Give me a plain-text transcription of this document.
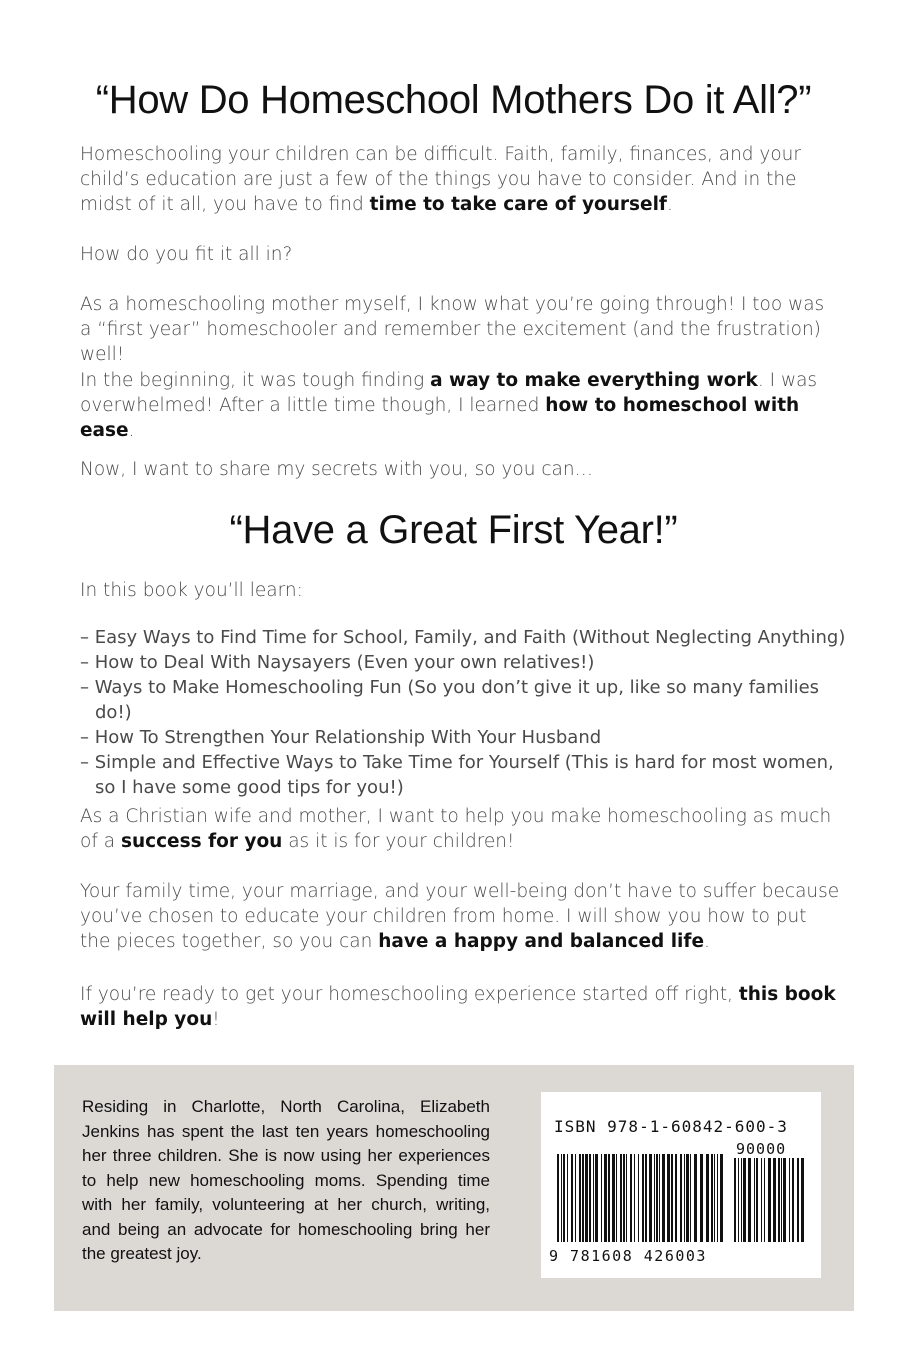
“How Do Homeschool Mothers Do it All?”

Homeschooling your children can be difficult. Faith, family, finances, and your child’s education are just a few of the things you have to consider. And in the midst of it all, you have to find time to take care of yourself.

How do you fit it all in?

As a homeschooling mother myself, I know what you’re going through! I too was a “first year” homeschooler and remember the excitement (and the frustration) well!

In the beginning, it was tough finding a way to make everything work. I was overwhelmed! After a little time though, I learned how to homeschool with ease.

Now, I want to share my secrets with you, so you can…

“Have a Great First Year!”

In this book you’ll learn:

– Easy Ways to Find Time for School, Family, and Faith (Without Neglecting Anything)
– How to Deal With Naysayers (Even your own relatives!)
– Ways to Make Homeschooling Fun (So you don’t give it up, like so many families do!)
– How To Strengthen Your Relationship With Your Husband
– Simple and Effective Ways to Take Time for Yourself (This is hard for most women, so I have some good tips for you!)

As a Christian wife and mother, I want to help you make homeschooling as much of a success for you as it is for your children!

Your family time, your marriage, and your well-being don’t have to suffer because you’ve chosen to educate your children from home. I will show you how to put the pieces together, so you can have a happy and balanced life.

If you’re ready to get your homeschooling experience started off right, this book will help you!

Residing in Charlotte, North Carolina, Elizabeth Jenkins has spent the last ten years homeschooling her three children. She is now using her experiences to help new homeschooling moms. Spending time with her family, volunteering at her church, writing, and being an advocate for homeschooling bring her the greatest joy.

ISBN 978-1-60842-600-3
90000
9 781608 426003
